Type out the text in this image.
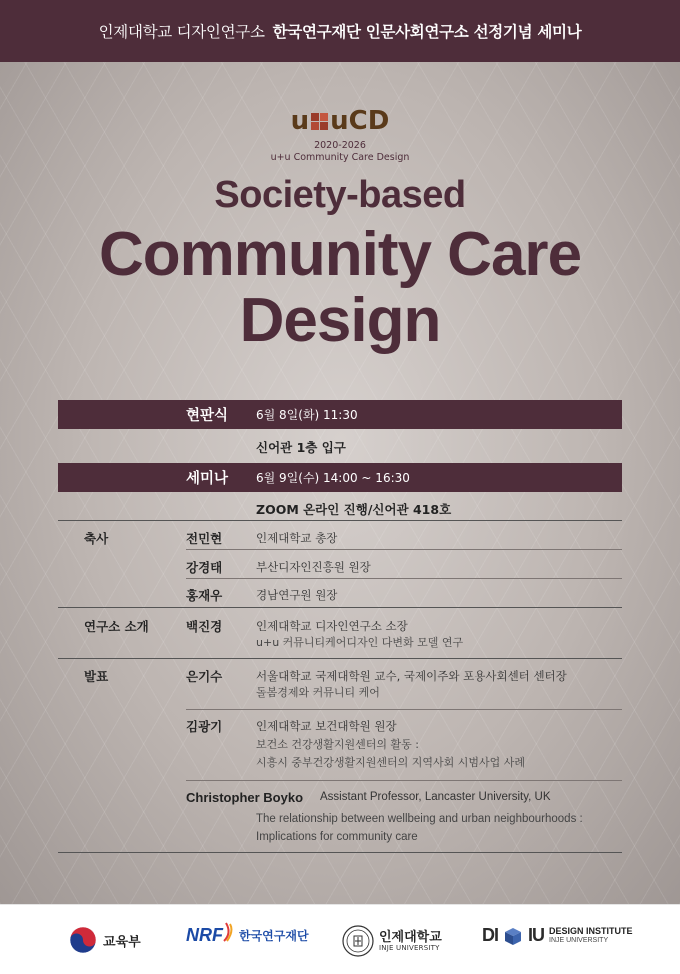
인제대학교 디자인연구소 한국연구재단 인문사회연구소 선정기념 세미나
u uCD
2020-2026
u+u Community Care Design
Society-based
Community Care
Design
현판식 6월 8일(화) 11:30
신어관 1층 입구
세미나 6월 9일(수) 14:00 ~ 16:30
ZOOM 온라인 진행/신어관 418호
축사	전민현	인제대학교 총장
강경태	부산디자인진흥원 원장
홍재우	경남연구원 원장
연구소 소개	백진경	인제대학교 디자인연구소 소장
u+u 커뮤니티케어디자인 다변화 모델 연구
발표	은기수	서울대학교 국제대학원 교수, 국제이주와 포용사회센터 센터장
돌봄경제와 커뮤니티 케어
김광기	인제대학교 보건대학원 원장
보건소 건강생활지원센터의 활동 :
시흥시 중부건강생활지원센터의 지역사회 시범사업 사례
Christopher Boyko Assistant Professor, Lancaster University, UK
The relationship between wellbeing and urban neighbourhoods :
Implications for community care
교육부	NRF 한국연구재단	인제대학교
INJE UNIVERSITY
DI IU DESIGN INSTITUTE
INJE UNIVERSITY
